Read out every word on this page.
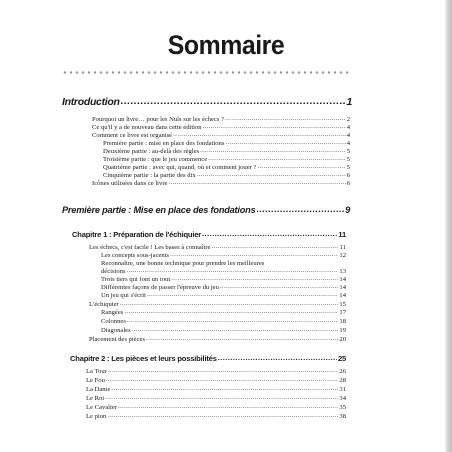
Sommaire
Introduction .....	1
Pourquoi un livre… pour les Nuls sur les échecs ? .....	2
Ce qu'il y a de nouveau dans cette édition .....	4
Comment ce livre est organisé .....	4
Première partie : mise en place des fondations .....	4
Deuxième partie : au-delà des règles .....	5
Troisième partie : que le jeu commence .....	5
Quatrième partie : avec qui, quand, où et comment jouer ? .....	5
Cinquième partie : la partie des dix .....	6
Icônes utilisées dans ce livre .....	6
Première partie : Mise en place des fondations .....	9
Chapitre 1 : Préparation de l'échiquier .....	11
Les échecs, c'est facile ! Les bases à connaître .....	11
Les concepts sous-jacents .....	12
Reconnaître, une bonne technique pour prendre les meilleures
décisions .....	13
Trois tiers qui font un tout .....	14
Différentes façons de passer l'épreuve du jeu .....	14
Un jeu qui s'écrit .....	14
L'échiquier .....	15
Rangées .....	17
Colonnes .....	18
Diagonales .....	19
Placement des pièces .....	20
Chapitre 2 : Les pièces et leurs possibilités .....	25
La Tour .....	26
Le Fou .....	28
La Dame .....	31
Le Roi .....	34
Le Cavalier .....	35
Le pion .....	38
